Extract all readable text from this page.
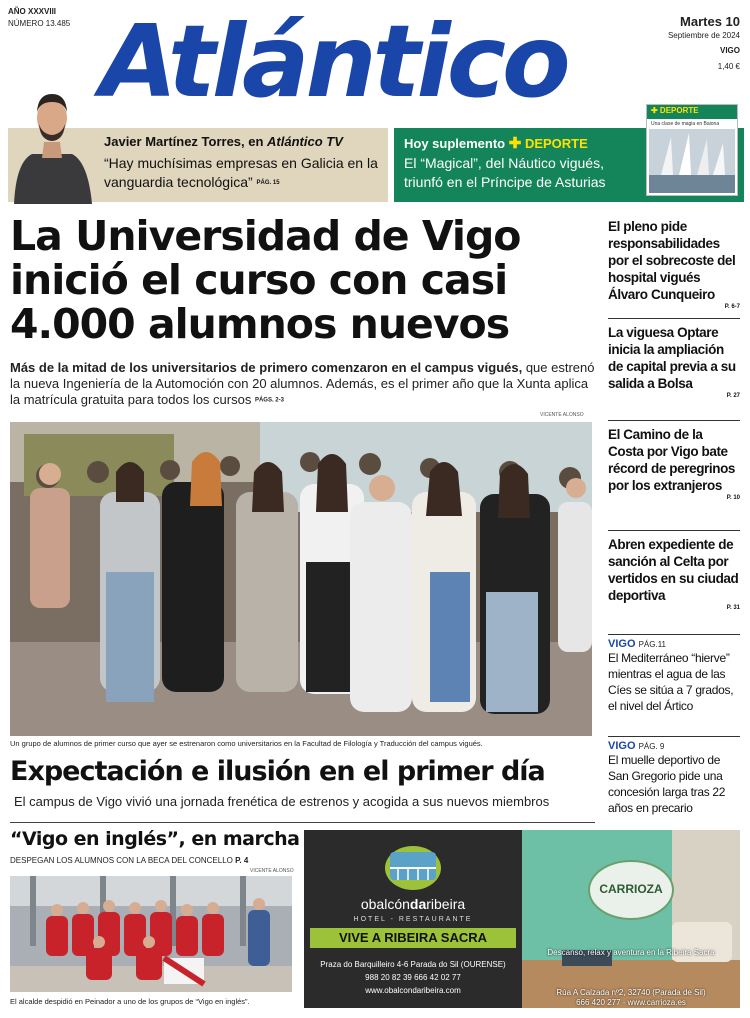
AÑO XXXVIII
NÚMERO 13.485 Atlántico	Martes 10
Septiembre de 2024
VIGO
1,40 €
Javier Martínez Torres, en Atlántico TV
“Hay muchísimas empresas en Galicia en la vanguardia tecnológica” PÁG. 15
Hoy suplemento ✚ DEPORTE
El “Magical”, del Náutico vigués, triunfó en el Príncipe de Asturias
✚ DEPORTE
Una clase de magia en Baiona
La Universidad de Vigo inició el curso con casi 4.000 alumnos nuevos
Más de la mitad de los universitarios de primero comenzaron en el campus vigués, que estrenó la nueva Ingeniería de la Automoción con 20 alumnos. Además, es el primer año que la Xunta aplica la matrícula gratuita para todos los cursos PÁGS. 2-3
VICENTE ALONSO
Un grupo de alumnos de primer curso que ayer se estrenaron como universitarios en la Facultad de Filología y Traducción del campus vigués.
Expectación e ilusión en el primer día
El campus de Vigo vivió una jornada frenética de estrenos y acogida a sus nuevos miembros
“Vigo en inglés”, en marcha
DESPEGAN LOS ALUMNOS CON LA BECA DEL CONCELLO P. 4
VICENTE ALONSO
El alcalde despidió en Peinador a uno de los grupos de “Vigo en inglés”.
obalcóndaribeira
HOTEL - RESTAURANTE
VIVE A RIBEIRA SACRA
Praza do Barquilleiro 4-6 Parada do Sil (OURENSE)
988 20 82 39 666 42 02 77
www.obalcondaribeira.com
CARRIOZA
Descanso, relax y aventura en la Ribeira Sacra
Rúa A Calzada nº2, 32740 (Parada de Sil)
666 420 277 · www.carrioza.es
El pleno pide responsabilidades por el sobrecoste del hospital vigués Álvaro Cunqueiro
P. 6-7
La viguesa Optare inicia la ampliación de capital previa a su salida a Bolsa
P. 27
El Camino de la Costa por Vigo bate récord de peregrinos por los extranjeros
P. 10
Abren expediente de sanción al Celta por vertidos en su ciudad deportiva
P. 31
VIGO PÁG.11
El Mediterráneo “hierve” mientras el agua de las Cíes se sitúa a 7 grados, el nivel del Ártico
VIGO PÁG. 9
El muelle deportivo de San Gregorio pide una concesión larga tras 22 años en precario
